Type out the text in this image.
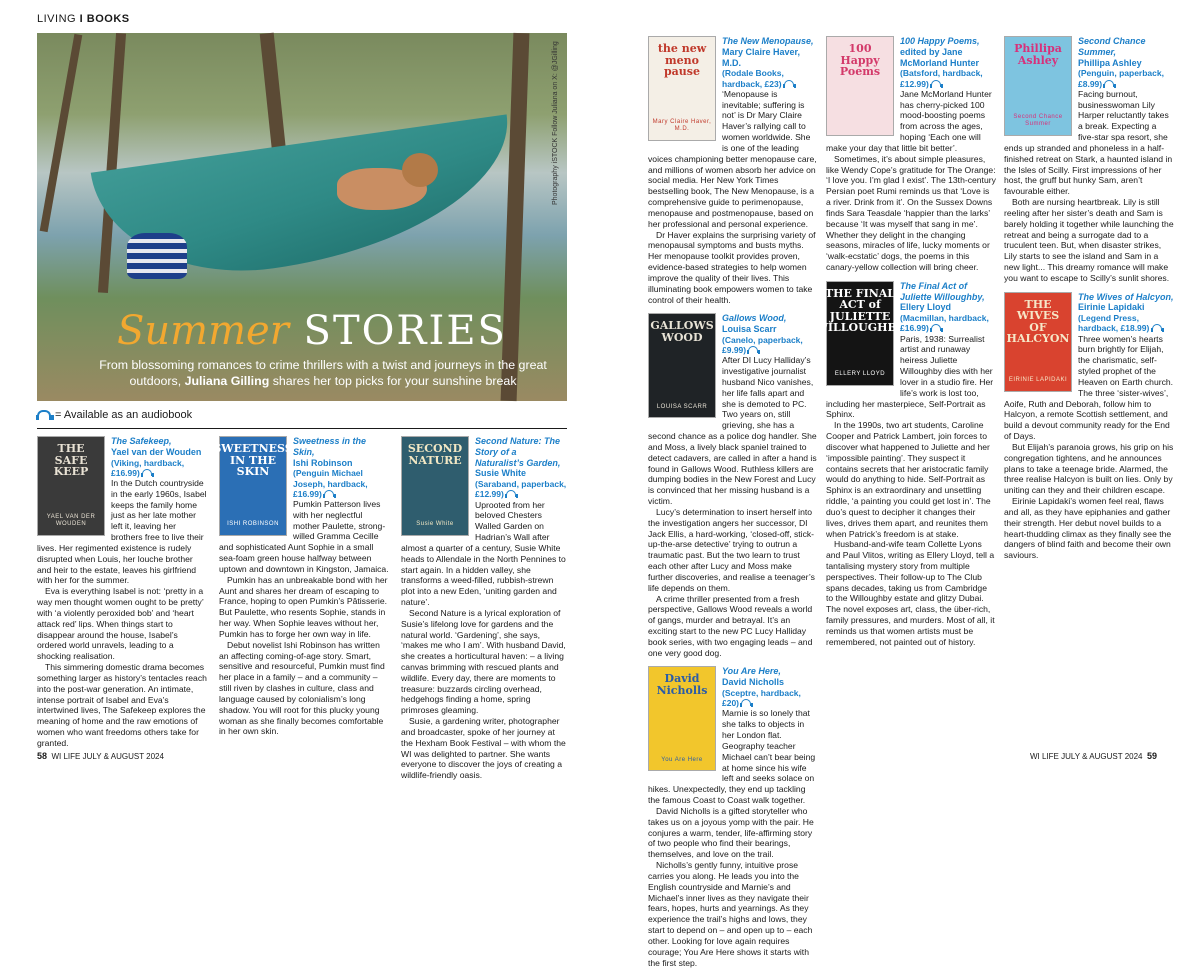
LIVING I BOOKS
Summer STORIES
From blossoming romances to crime thrillers with a twist and journeys in the great outdoors, Juliana Gilling shares her top picks for your sunshine break
Photography iSTOCK Follow Juliana on X: @JGilling
= Available as an audiobook
THE SAFE KEEP
YAEL VAN DER WOUDEN
The Safekeep,
Yael van der Wouden
(Viking, hardback, £16.99)

In the Dutch countryside in the early 1960s, Isabel keeps the family home just as her late mother left it, leaving her brothers free to live their lives. Her regimented existence is rudely disrupted when Louis, her louche brother and heir to the estate, leaves his girlfriend with her for the summer.

Eva is everything Isabel is not: ‘pretty in a way men thought women ought to be pretty’ with ‘a violently peroxided bob’ and ‘heart attack red’ lips. When things start to disappear around the house, Isabel’s ordered world unravels, leading to a shocking realisation.

This simmering domestic drama becomes something larger as history’s tentacles reach into the post-war generation. An intimate, intense portrait of Isabel and Eva’s intertwined lives, The Safekeep explores the meaning of home and the raw emotions of women who want freedoms others take for granted.

SWEETNESS IN THE SKIN
ISHI ROBINSON
Sweetness in the Skin,
Ishi Robinson
(Penguin Michael Joseph, hardback, £16.99)

Pumkin Patterson lives with her neglectful mother Paulette, strong-willed Gramma Cecille and sophisticated Aunt Sophie in a small sea-foam green house halfway between uptown and downtown in Kingston, Jamaica.

Pumkin has an unbreakable bond with her Aunt and shares her dream of escaping to France, hoping to open Pumkin’s Pâtisserie. But Paulette, who resents Sophie, stands in her way. When Sophie leaves without her, Pumkin has to forge her own way in life.

Debut novelist Ishi Robinson has written an affecting coming-of-age story. Smart, sensitive and resourceful, Pumkin must find her place in a family – and a community – still riven by clashes in culture, class and language caused by colonialism’s long shadow. You will root for this plucky young woman as she finally becomes comfortable in her own skin.

SECOND NATURE
Susie White
Second Nature: The Story of a Naturalist’s Garden,
Susie White
(Saraband, paperback, £12.99)

Uprooted from her beloved Chesters Walled Garden on Hadrian’s Wall after almost a quarter of a century, Susie White heads to Allendale in the North Pennines to start again. In a hidden valley, she transforms a weed-filled, rubbish-strewn plot into a new Eden, ‘uniting garden and nature’.

Second Nature is a lyrical exploration of Susie’s lifelong love for gardens and the natural world. ‘Gardening’, she says, ‘makes me who I am’. With husband David, she creates a horticultural haven: – a living canvas brimming with rescued plants and wildlife. Every day, there are moments to treasure: buzzards circling overhead, hedgehogs finding a home, spring primroses gleaming.

Susie, a gardening writer, photographer and broadcaster, spoke of her journey at the Hexham Book Festival – with whom the WI was delighted to partner. She wants everyone to discover the joys of creating a wildlife-friendly oasis.

the new meno pause
Mary Claire Haver, M.D.
The New Menopause,
Mary Claire Haver, M.D.
(Rodale Books, hardback, £23)

‘Menopause is inevitable; suffering is not’ is Dr Mary Claire Haver’s rallying call to women worldwide. She is one of the leading voices championing better menopause care, and millions of women absorb her advice on social media. Her New York Times bestselling book, The New Menopause, is a comprehensive guide to perimenopause, menopause and postmenopause, based on her professional and personal experience.

Dr Haver explains the surprising variety of menopausal symptoms and busts myths. Her menopause toolkit provides proven, evidence-based strategies to help women improve the quality of their lives. This illuminating book empowers women to take control of their health.

GALLOWS WOOD
LOUISA SCARR
Gallows Wood,
Louisa Scarr
(Canelo, paperback, £9.99)

After DI Lucy Halliday’s investigative journalist husband Nico vanishes, her life falls apart and she is demoted to PC. Two years on, still grieving, she has a second chance as a police dog handler. She and Moss, a lively black spaniel trained to detect cadavers, are called in after a hand is found in Gallows Wood. Ruthless killers are dumping bodies in the New Forest and Lucy is convinced that her missing husband is a victim.

Lucy’s determination to insert herself into the investigation angers her successor, DI Jack Ellis, a hard-working, ‘closed-off, stick-up-the-arse detective’ trying to outrun a traumatic past. But the two learn to trust each other after Lucy and Moss make further discoveries, and realise a teenager’s life depends on them.

A crime thriller presented from a fresh perspective, Gallows Wood reveals a world of gangs, murder and betrayal. It’s an exciting start to the new PC Lucy Halliday book series, with two engaging leads – and one very good dog.

David Nicholls
You Are Here
You Are Here,
David Nicholls
(Sceptre, hardback, £20)

Marnie is so lonely that she talks to objects in her London flat. Geography teacher Michael can’t bear being at home since his wife left and seeks solace on hikes. Unexpectedly, they end up tackling the famous Coast to Coast walk together.

David Nicholls is a gifted storyteller who takes us on a joyous yomp with the pair. He conjures a warm, tender, life-affirming story of two people who find their bearings, themselves, and love on the trail.

Nicholls’s gently funny, intuitive prose carries you along. He leads you into the English countryside and Marnie’s and Michael’s inner lives as they navigate their fears, hopes, hurts and yearnings. As they experience the trail’s highs and lows, they start to depend on – and open up to – each other. Looking for love again requires courage; You Are Here shows it starts with the first step.

100 Happy Poems
100 Happy Poems,
edited by Jane McMorland Hunter
(Batsford, hardback, £12.99)

Jane McMorland Hunter has cherry-picked 100 mood-boosting poems from across the ages, hoping ‘Each one will make your day that little bit better’.

Sometimes, it’s about simple pleasures, like Wendy Cope’s gratitude for The Orange: ‘I love you. I’m glad I exist’. The 13th-century Persian poet Rumi reminds us that ‘Love is a river. Drink from it’. On the Sussex Downs finds Sara Teasdale ‘happier than the larks’ because ‘It was myself that sang in me’. Whether they delight in the changing seasons, miracles of life, lucky moments or ‘walk-ecstatic’ dogs, the poems in this canary-yellow collection will bring cheer.

THE FINAL ACT of JULIETTE WILLOUGHBY
ELLERY LLOYD
The Final Act of Juliette Willoughby,
Ellery Lloyd
(Macmillan, hardback, £16.99)

Paris, 1938: Surrealist artist and runaway heiress Juliette Willoughby dies with her lover in a studio fire. Her life’s work is lost too, including her masterpiece, Self-Portrait as Sphinx.

In the 1990s, two art students, Caroline Cooper and Patrick Lambert, join forces to discover what happened to Juliette and her ‘impossible painting’. They suspect it contains secrets that her aristocratic family would do anything to hide. Self-Portrait as Sphinx is an extraordinary and unsettling riddle, ‘a painting you could get lost in’. The duo’s quest to decipher it changes their lives, drives them apart, and reunites them when Patrick’s freedom is at stake.

Husband-and-wife team Collette Lyons and Paul Vlitos, writing as Ellery Lloyd, tell a tantalising mystery story from multiple perspectives. Their follow-up to The Club spans decades, taking us from Cambridge to the Willoughby estate and glitzy Dubai. The novel exposes art, class, the über-rich, family pressures, and murders. Most of all, it reminds us that women artists must be remembered, not painted out of history.

Phillipa Ashley
Second Chance Summer
Second Chance Summer,
Phillipa Ashley
(Penguin, paperback, £8.99)

Facing burnout, businesswoman Lily Harper reluctantly takes a break. Expecting a five-star spa resort, she ends up stranded and phoneless in a half-finished retreat on Stark, a haunted island in the Isles of Scilly. First impressions of her host, the gruff but hunky Sam, aren’t favourable either.

Both are nursing heartbreak. Lily is still reeling after her sister’s death and Sam is barely holding it together while launching the retreat and being a surrogate dad to a truculent teen. But, when disaster strikes, Lily starts to see the island and Sam in a new light... This dreamy romance will make you want to escape to Scilly’s sunlit shores.

THE WIVES OF HALCYON
EIRINIE LAPIDAKI
The Wives of Halcyon,
Eirinie Lapidaki
(Legend Press, hardback, £18.99)

Three women’s hearts burn brightly for Elijah, the charismatic, self-styled prophet of the Heaven on Earth church. The three ‘sister-wives’, Aoife, Ruth and Deborah, follow him to Halcyon, a remote Scottish settlement, and build a devout community ready for the End of Days.

But Elijah’s paranoia grows, his grip on his congregation tightens, and he announces plans to take a teenage bride. Alarmed, the three realise Halcyon is built on lies. Only by uniting can they and their children escape.

Eirinie Lapidaki’s women feel real, flaws and all, as they have epiphanies and gather their strength. Her debut novel builds to a heart-thudding climax as they finally see the dangers of blind faith and become their own saviours.

58 WI LIFE JULY & AUGUST 2024	WI LIFE JULY & AUGUST 2024 59
